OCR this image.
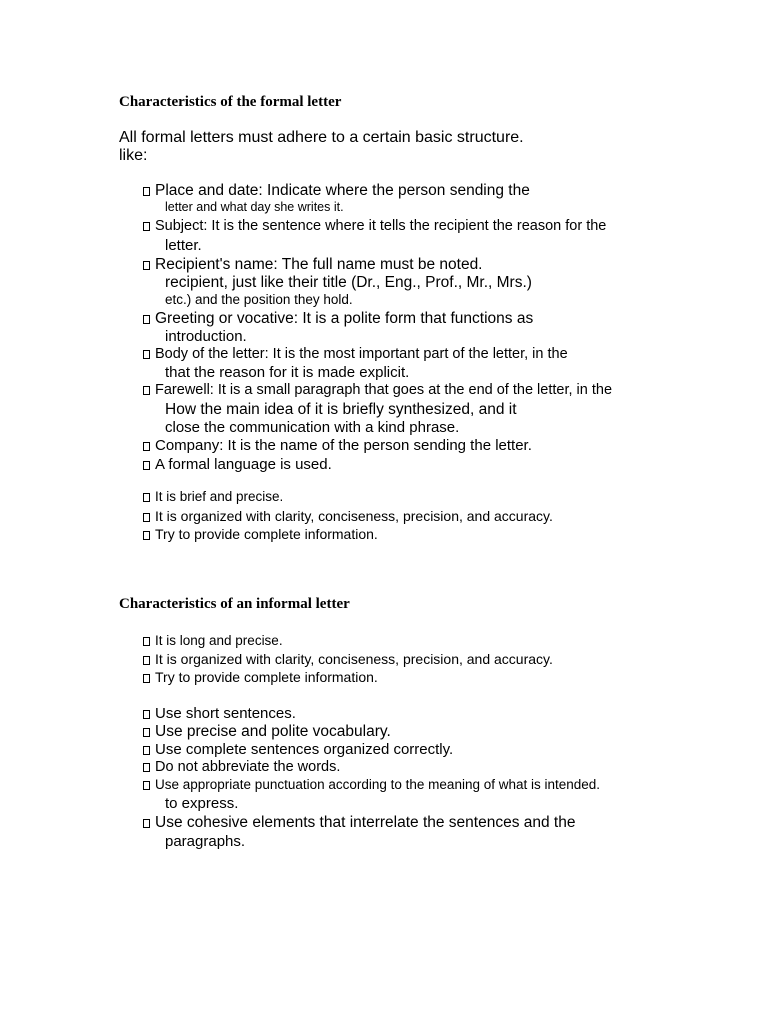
Characteristics of the formal letter
All formal letters must adhere to a certain basic structure.
like:
Place and date: Indicate where the person sending the
letter and what day she writes it.
Subject: It is the sentence where it tells the recipient the reason for the
letter.
Recipient's name: The full name must be noted.
recipient, just like their title (Dr., Eng., Prof., Mr., Mrs.)
etc.) and the position they hold.
Greeting or vocative: It is a polite form that functions as
introduction.
Body of the letter: It is the most important part of the letter, in the
that the reason for it is made explicit.
Farewell: It is a small paragraph that goes at the end of the letter, in the
How the main idea of it is briefly synthesized, and it
close the communication with a kind phrase.
Company: It is the name of the person sending the letter.
A formal language is used.
It is brief and precise.
It is organized with clarity, conciseness, precision, and accuracy.
Try to provide complete information.
Characteristics of an informal letter
It is long and precise.
It is organized with clarity, conciseness, precision, and accuracy.
Try to provide complete information.
Use short sentences.
Use precise and polite vocabulary.
Use complete sentences organized correctly.
Do not abbreviate the words.
Use appropriate punctuation according to the meaning of what is intended.
to express.
Use cohesive elements that interrelate the sentences and the
paragraphs.
